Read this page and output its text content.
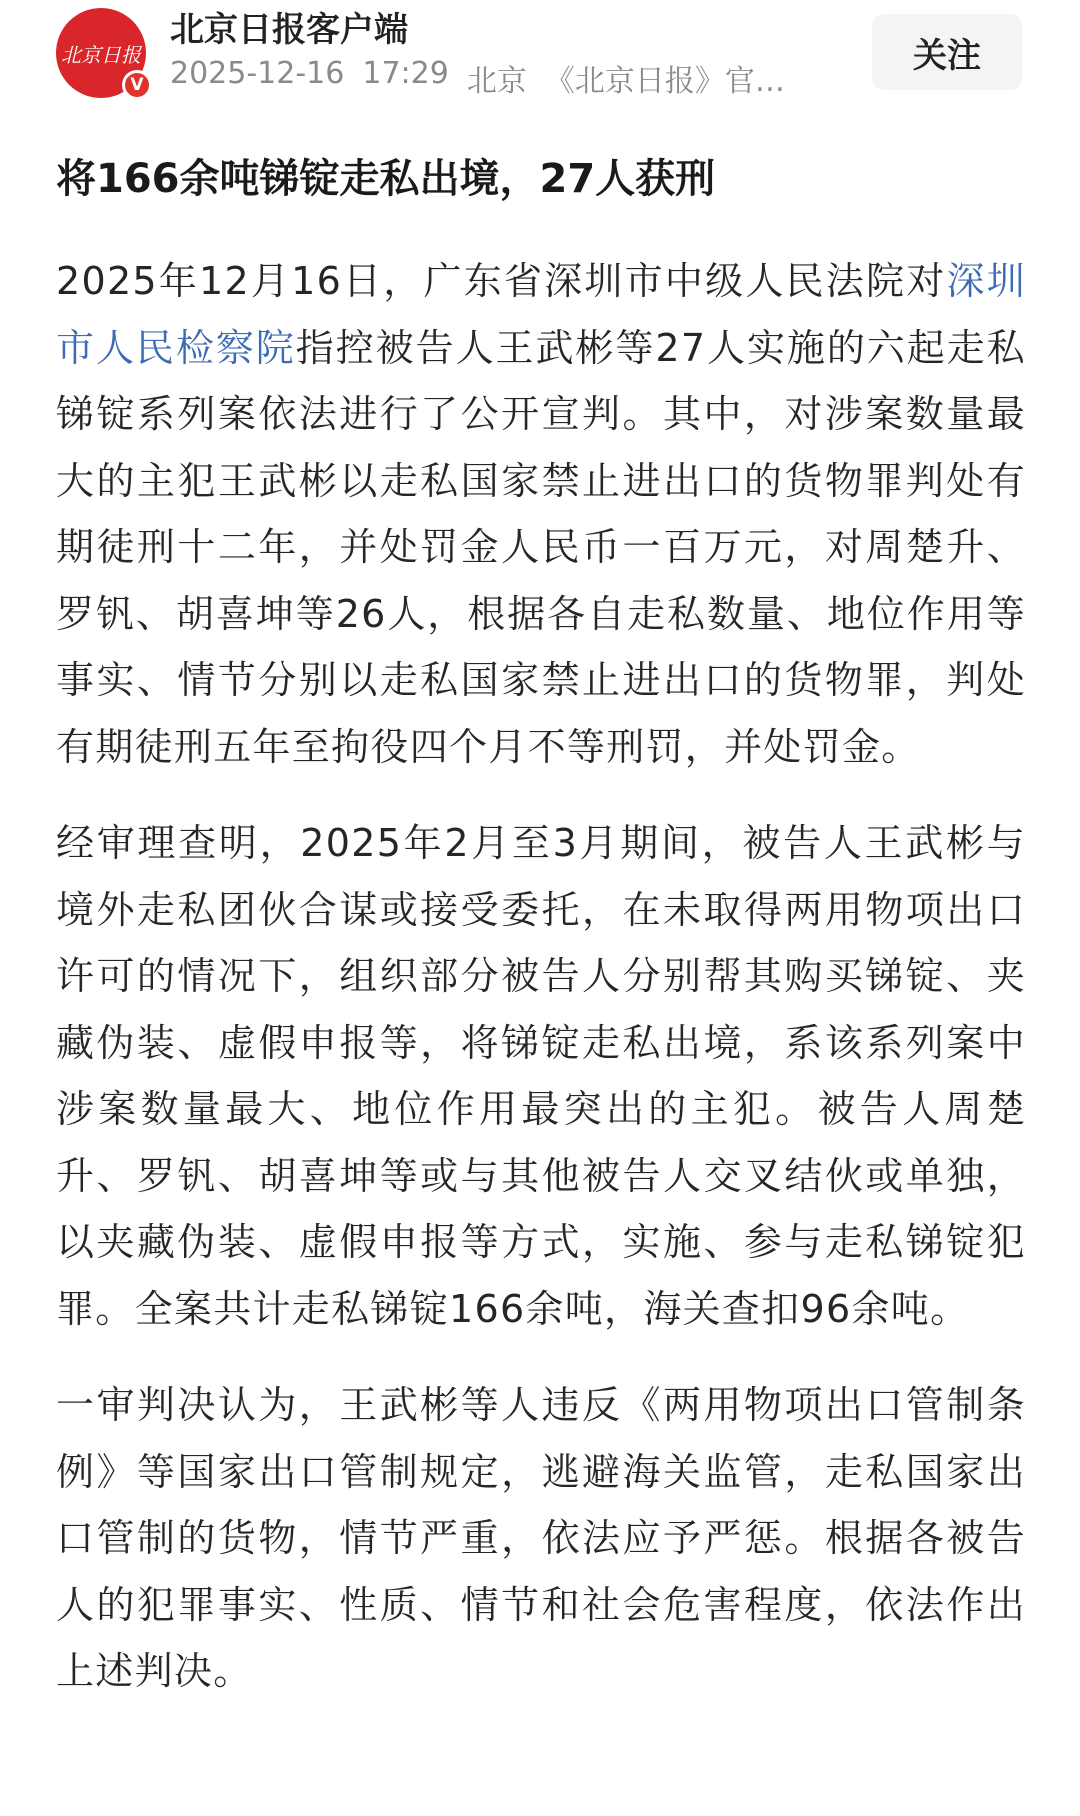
北京日报
V
北京日报客户端
2025-12-16 17:29 北京 《北京日报》官…
关注
将166余吨锑锭走私出境，27人获刑

2025年12月16日，广东省深圳市中级人民法院对深圳市人民检察院指控被告人王武彬等27人实施的六起走私锑锭系列案依法进行了公开宣判。其中，对涉案数量最大的主犯王武彬以走私国家禁止进出口的货物罪判处有期徒刑十二年，并处罚金人民币一百万元，对周楚升、罗钒、胡喜坤等26人，根据各自走私数量、地位作用等事实、情节分别以走私国家禁止进出口的货物罪，判处有期徒刑五年至拘役四个月不等刑罚，并处罚金。

经审理查明，2025年2月至3月期间，被告人王武彬与境外走私团伙合谋或接受委托，在未取得两用物项出口许可的情况下，组织部分被告人分别帮其购买锑锭、夹藏伪装、虚假申报等，将锑锭走私出境，系该系列案中涉案数量最大、地位作用最突出的主犯。被告人周楚升、罗钒、胡喜坤等或与其他被告人交叉结伙或单独，以夹藏伪装、虚假申报等方式，实施、参与走私锑锭犯罪。全案共计走私锑锭166余吨，海关查扣96余吨。

一审判决认为，王武彬等人违反《两用物项出口管制条例》等国家出口管制规定，逃避海关监管，走私国家出口管制的货物，情节严重，依法应予严惩。根据各被告人的犯罪事实、性质、情节和社会危害程度，依法作出上述判决。
